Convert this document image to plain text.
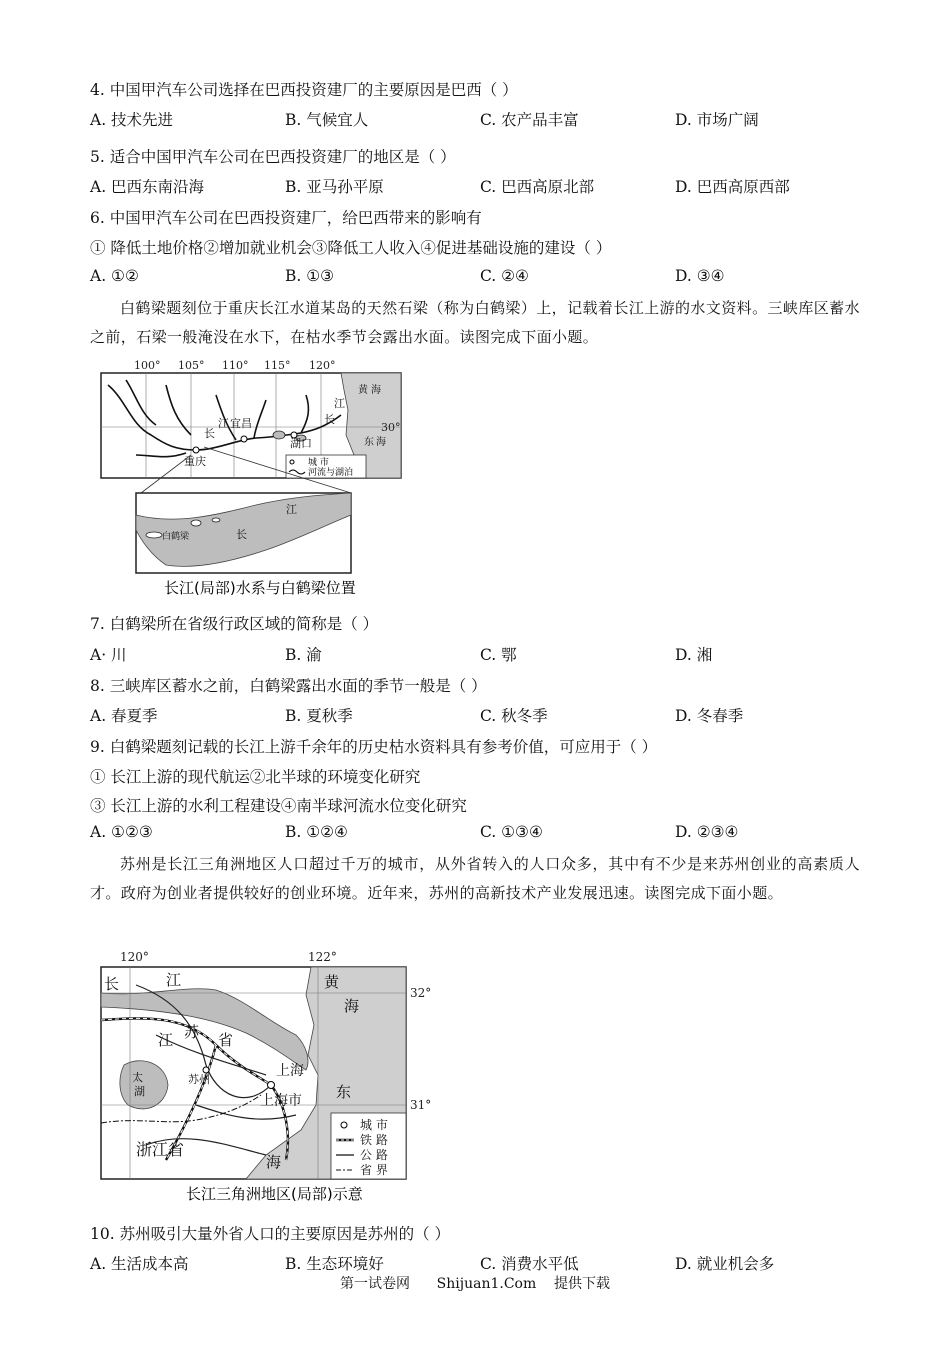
4. 中国甲汽车公司选择在巴西投资建厂的主要原因是巴西（ ）
A. 技术先进	B. 气候宜人	C. 农产品丰富	D. 市场广阔
5. 适合中国甲汽车公司在巴西投资建厂的地区是（ ）
A. 巴西东南沿海	B. 亚马孙平原	C. 巴西高原北部	D. 巴西高原西部
6. 中国甲汽车公司在巴西投资建厂，给巴西带来的影响有
① 降低土地价格②增加就业机会③降低工人收入④促进基础设施的建设（ ）
A. ①②	B. ①③	C. ②④	D. ③④
白鹤梁题刻位于重庆长江水道某岛的天然石梁（称为白鹤梁）上，记载着长江上游的水文资料。三峡库区蓄水之前，石梁一般淹没在水下，在枯水季节会露出水面。读图完成下面小题。
100° 105° 110° 115° 120°
30°
重庆
宜昌
湖口
长
江	长
江
黄 海
东 海
城 市
河流与湖泊
江
长
白鹤梁
长江(局部)水系与白鹤梁位置
7. 白鹤梁所在省级行政区域的简称是（ ）
A· 川	B. 渝	C. 鄂	D. 湘
8. 三峡库区蓄水之前，白鹤梁露出水面的季节一般是（ ）
A. 春夏季	B. 夏秋季	C. 秋冬季	D. 冬春季
9. 白鹤梁题刻记载的长江上游千余年的历史枯水资料具有参考价值，可应用于（ ）
① 长江上游的现代航运②北半球的环境变化研究
③ 长江上游的水利工程建设④南半球河流水位变化研究
A. ①②③	B. ①②④	C. ①③④	D. ②③④
苏州是长江三角洲地区人口超过千万的城市，从外省转入的人口众多，其中有不少是来苏州创业的高素质人才。政府为创业者提供较好的创业环境。近年来，苏州的高新技术产业发展迅速。读图完成下面小题。
120°	122°
32°
31°
长	江
江 苏 省
太
湖
苏州
上 海
上海市
浙江省
黄
海
东
海
城 市
铁 路
公 路
省 界
长江三角洲地区(局部)示意
10. 苏州吸引大量外省人口的主要原因是苏州的（ ）
A. 生活成本高	B. 生态环境好	C. 消费水平低	D. 就业机会多
第一试卷网      Shijuan1.Com    提供下载
